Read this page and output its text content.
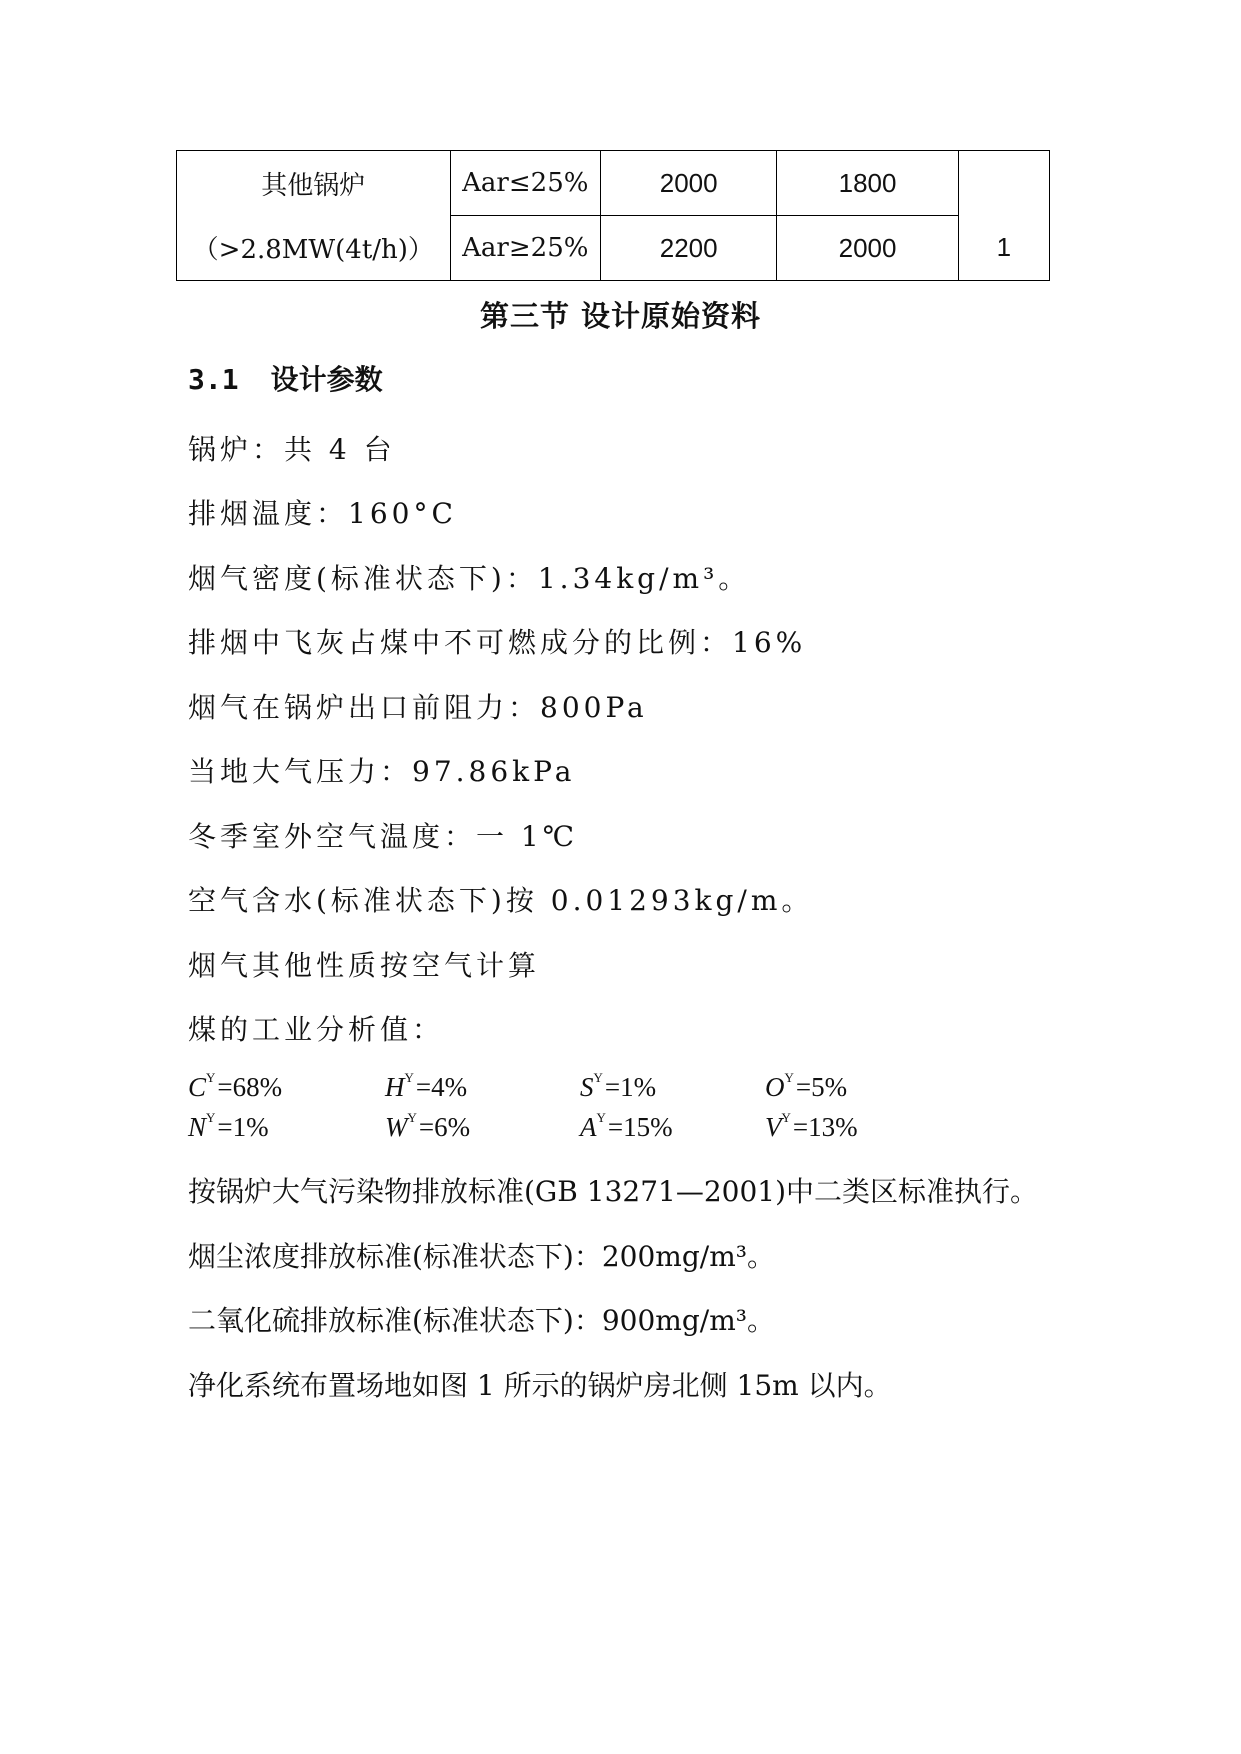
其他锅炉	Aar≤25%	2000	1800	
（>2.8MW(4t/h)）	Aar≥25%	2200	2000	1
第三节 设计原始资料
3.1 设计参数
锅炉：共 4 台
排烟温度：160°C
烟气密度(标准状态下)：1.34kg/m³。
排烟中飞灰占煤中不可燃成分的比例：16%
烟气在锅炉出口前阻力：800Pa
当地大气压力：97.86kPa
冬季室外空气温度：一 1℃
空气含水(标准状态下)按 0.01293kg/m。
烟气其他性质按空气计算
煤的工业分析值：
$C^Y=68\%$	$H^Y=4\%$	$S^Y=1\%$	$O^Y=5\%$
$N^Y=1\%$	$W^Y=6\%$	$A^Y=15\%$	$V^Y=13\%$
按锅炉大气污染物排放标准(GB 13271—2001)中二类区标准执行。
烟尘浓度排放标准(标准状态下)：200mg/m³。
二氧化硫排放标准(标准状态下)：900mg/m³。
净化系统布置场地如图 1 所示的锅炉房北侧 15m 以内。
